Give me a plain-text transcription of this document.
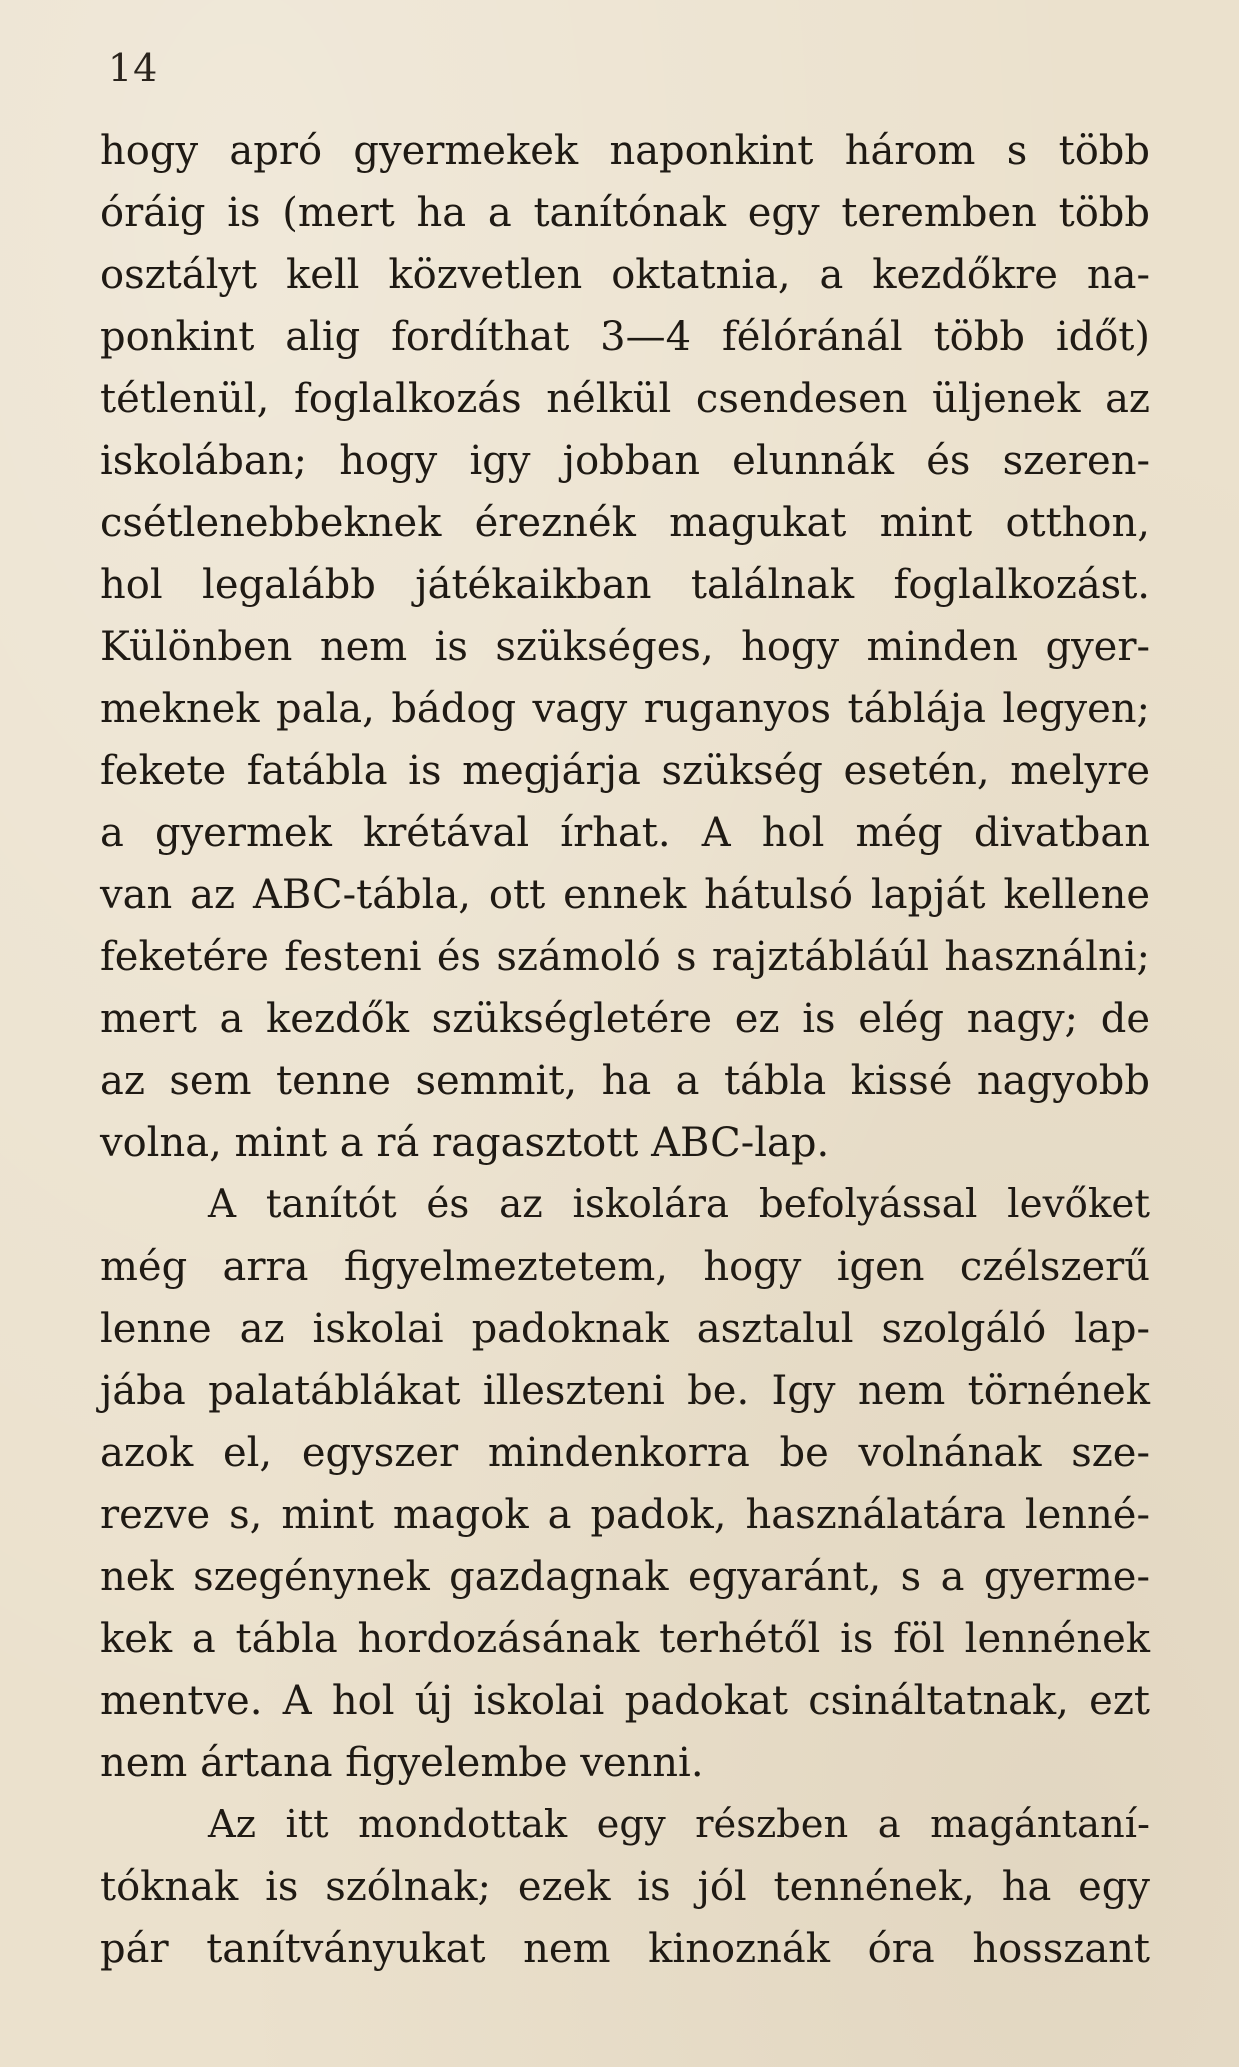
14
hogy apró gyermekek naponkint három s több
óráig is (mert ha a tanítónak egy teremben több
osztályt kell közvetlen oktatnia, a kezdőkre na-
ponkint alig fordíthat 3—4 félóránál több időt)
tétlenül, foglalkozás nélkül csendesen üljenek az
iskolában; hogy igy jobban elunnák és szeren-
csétlenebbeknek éreznék magukat mint otthon,
hol legalább játékaikban találnak foglalkozást.
Különben nem is szükséges, hogy minden gyer-
meknek pala, bádog vagy ruganyos táblája legyen;
fekete fatábla is megjárja szükség esetén, melyre
a gyermek krétával írhat. A hol még divatban
van az ABC-tábla, ott ennek hátulsó lapját kellene
feketére festeni és számoló s rajztábláúl használni;
mert a kezdők szükségletére ez is elég nagy; de
az sem tenne semmit, ha a tábla kissé nagyobb
volna, mint a rá ragasztott ABC-lap.
A tanítót és az iskolára befolyással levőket
még arra figyelmeztetem, hogy igen czélszerű
lenne az iskolai padoknak asztalul szolgáló lap-
jába palatáblákat illeszteni be. Igy nem törnének
azok el, egyszer mindenkorra be volnának sze-
rezve s, mint magok a padok, használatára lenné-
nek szegénynek gazdagnak egyaránt, s a gyerme-
kek a tábla hordozásának terhétől is föl lennének
mentve. A hol új iskolai padokat csináltatnak, ezt
nem ártana figyelembe venni.
Az itt mondottak egy részben a magántaní-
tóknak is szólnak; ezek is jól tennének, ha egy
pár tanítványukat nem kinoznák óra hosszant
